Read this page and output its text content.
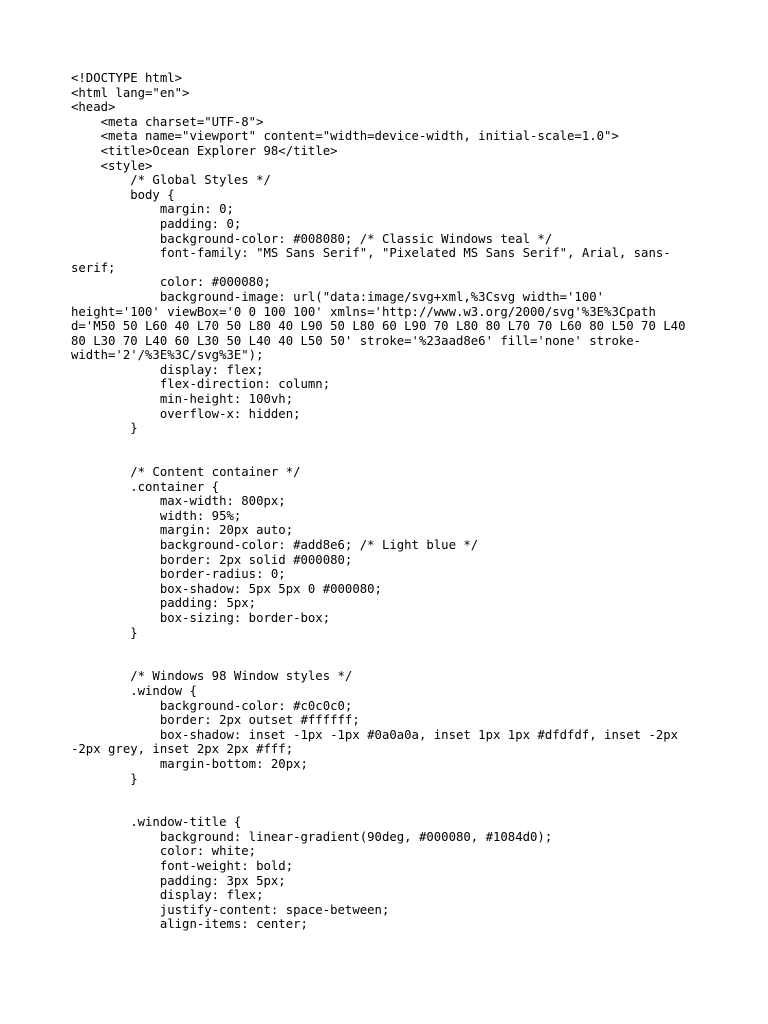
<!DOCTYPE html>
<html lang="en">
<head>
<meta charset="UTF-8">
<meta name="viewport" content="width=device-width, initial-scale=1.0">
<title>Ocean Explorer 98</title>
<style>
/* Global Styles */
body {
margin: 0;
padding: 0;
background-color: #008080; /* Classic Windows teal */
font-family: "MS Sans Serif", "Pixelated MS Sans Serif", Arial, sans-
serif;
color: #000080;
background-image: url("data:image/svg+xml,%3Csvg width='100'
height='100' viewBox='0 0 100 100' xmlns='http://www.w3.org/2000/svg'%3E%3Cpath
d='M50 50 L60 40 L70 50 L80 40 L90 50 L80 60 L90 70 L80 80 L70 70 L60 80 L50 70 L40
80 L30 70 L40 60 L30 50 L40 40 L50 50' stroke='%23aad8e6' fill='none' stroke-
width='2'/%3E%3C/svg%3E");
display: flex;
flex-direction: column;
min-height: 100vh;
overflow-x: hidden;
}
/* Content container */
.container {
max-width: 800px;
width: 95%;
margin: 20px auto;
background-color: #add8e6; /* Light blue */
border: 2px solid #000080;
border-radius: 0;
box-shadow: 5px 5px 0 #000080;
padding: 5px;
box-sizing: border-box;
}
/* Windows 98 Window styles */
.window {
background-color: #c0c0c0;
border: 2px outset #ffffff;
box-shadow: inset -1px -1px #0a0a0a, inset 1px 1px #dfdfdf, inset -2px
-2px grey, inset 2px 2px #fff;
margin-bottom: 20px;
}
.window-title {
background: linear-gradient(90deg, #000080, #1084d0);
color: white;
font-weight: bold;
padding: 3px 5px;
display: flex;
justify-content: space-between;
align-items: center;
